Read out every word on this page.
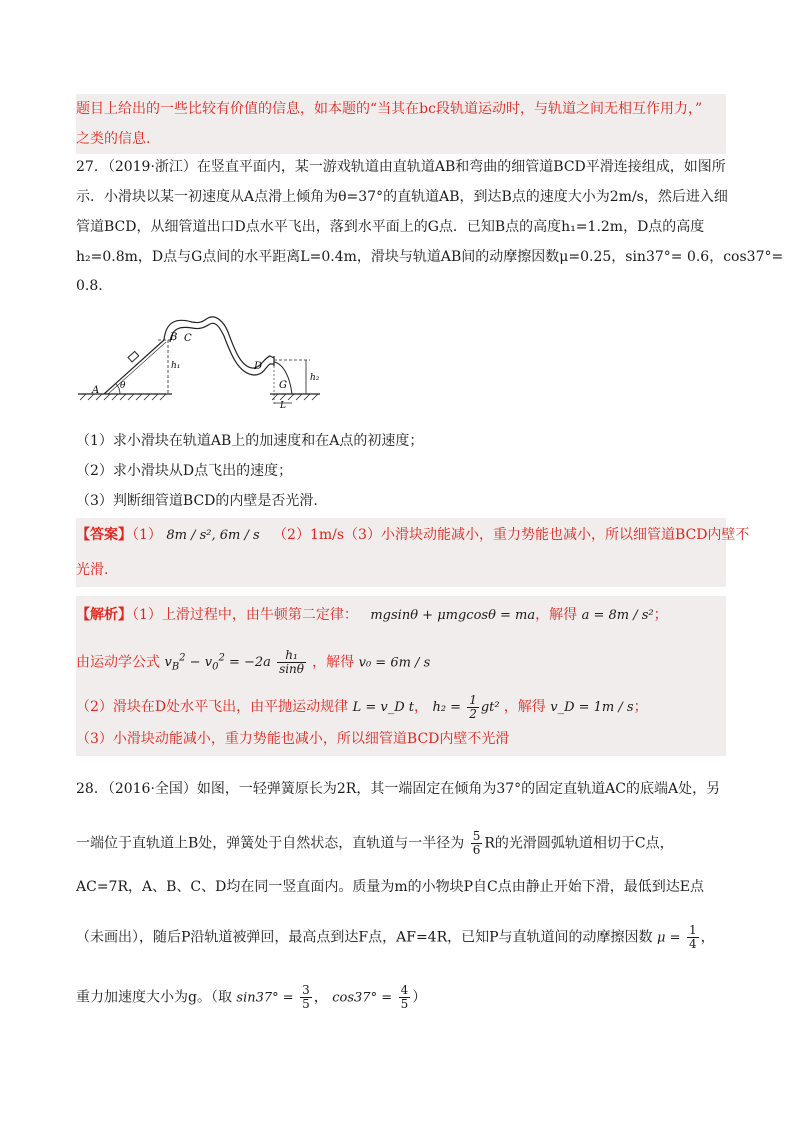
题目上给出的一些比较有价值的信息，如本题的“当其在bc段轨道运动时，与轨道之间无相互作用力，”
之类的信息.
27．（2019·浙江）在竖直平面内，某一游戏轨道由直轨道AB和弯曲的细管道BCD平滑连接组成，如图所
示．小滑块以某一初速度从A点滑上倾角为θ=37°的直轨道AB，到达B点的速度大小为2m/s，然后进入细
管道BCD，从细管道出口D点水平飞出，落到水平面上的G点．已知B点的高度h₁=1.2m，D点的高度
h₂=0.8m，D点与G点间的水平距离L=0.4m，滑块与轨道AB间的动摩擦因数μ=0.25，sin37°= 0.6，cos37°=
0.8.
A θ
B C
D
G
h₁
h₂
L
（1）求小滑块在轨道AB上的加速度和在A点的初速度；
（2）求小滑块从D点飞出的速度；
（3）判断细管道BCD的内壁是否光滑.
【答案】（1） 8m / s², 6m / s （2）1m/s（3）小滑块动能减小，重力势能也减小，所以细管道BCD内壁不
光滑.
【解析】（1）上滑过程中，由牛顿第二定律： mgsinθ + μmgcosθ = ma，解得 a = 8m / s²；
由运动学公式 $v_B^2 - v_0^2 = -2a \frac{\text{h₁}}{\sin\theta}$ ，解得 v₀ = 6m / s
（2）滑块在D处水平飞出，由平抛运动规律 L = v_D t， $h_2 = \frac{1}{2} gt^2$ ，解得 v_D = 1m / s；
（3）小滑块动能减小，重力势能也减小，所以细管道BCD内壁不光滑
28．（2016·全国）如图，一轻弹簧原长为2R，其一端固定在倾角为37°的固定直轨道AC的底端A处，另
一端位于直轨道上B处，弹簧处于自然状态，直轨道与一半径为 $\frac{5}{6}$ R的光滑圆弧轨道相切于C点，
AC=7R，A、B、C、D均在同一竖直面内。质量为m的小物块P自C点由静止开始下滑，最低到达E点
（未画出），随后P沿轨道被弹回，最高点到达F点，AF=4R，已知P与直轨道间的动摩擦因数 $\mu = \frac{1}{4}$ ，
重力加速度大小为g。（取 $\sin 37^\circ = \frac{3}{5}$ ， $\cos 37^\circ = \frac{4}{5}$ ）
